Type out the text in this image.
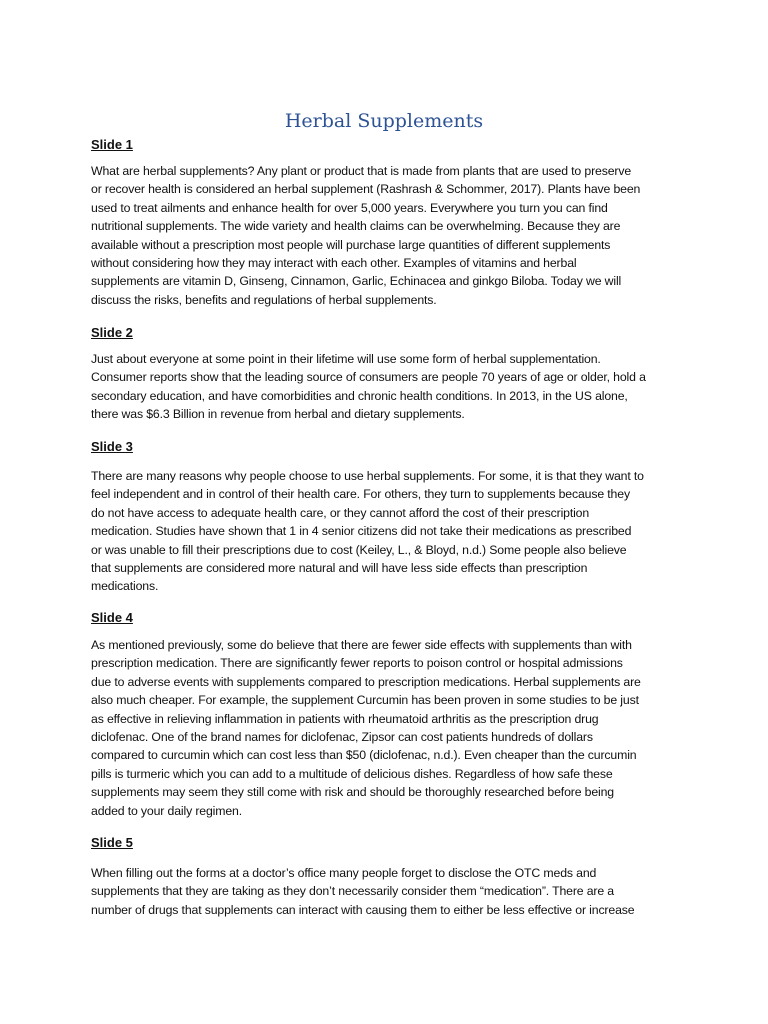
Herbal Supplements
Slide 1
What are herbal supplements? Any plant or product that is made from plants that are used to preserve
or recover health is considered an herbal supplement (Rashrash & Schommer, 2017). Plants have been
used to treat ailments and enhance health for over 5,000 years. Everywhere you turn you can find
nutritional supplements. The wide variety and health claims can be overwhelming. Because they are
available without a prescription most people will purchase large quantities of different supplements
without considering how they may interact with each other. Examples of vitamins and herbal
supplements are vitamin D, Ginseng, Cinnamon, Garlic, Echinacea and ginkgo Biloba. Today we will
discuss the risks, benefits and regulations of herbal supplements.
Slide 2
Just about everyone at some point in their lifetime will use some form of herbal supplementation.
Consumer reports show that the leading source of consumers are people 70 years of age or older, hold a
secondary education, and have comorbidities and chronic health conditions. In 2013, in the US alone,
there was $6.3 Billion in revenue from herbal and dietary supplements.
Slide 3
There are many reasons why people choose to use herbal supplements. For some, it is that they want to
feel independent and in control of their health care. For others, they turn to supplements because they
do not have access to adequate health care, or they cannot afford the cost of their prescription
medication. Studies have shown that 1 in 4 senior citizens did not take their medications as prescribed
or was unable to fill their prescriptions due to cost (Keiley, L., & Bloyd, n.d.) Some people also believe
that supplements are considered more natural and will have less side effects than prescription
medications.
Slide 4
As mentioned previously, some do believe that there are fewer side effects with supplements than with
prescription medication. There are significantly fewer reports to poison control or hospital admissions
due to adverse events with supplements compared to prescription medications. Herbal supplements are
also much cheaper. For example, the supplement Curcumin has been proven in some studies to be just
as effective in relieving inflammation in patients with rheumatoid arthritis as the prescription drug
diclofenac. One of the brand names for diclofenac, Zipsor can cost patients hundreds of dollars
compared to curcumin which can cost less than $50 (diclofenac, n.d.). Even cheaper than the curcumin
pills is turmeric which you can add to a multitude of delicious dishes. Regardless of how safe these
supplements may seem they still come with risk and should be thoroughly researched before being
added to your daily regimen.
Slide 5
When filling out the forms at a doctor’s office many people forget to disclose the OTC meds and
supplements that they are taking as they don’t necessarily consider them “medication”. There are a
number of drugs that supplements can interact with causing them to either be less effective or increase
